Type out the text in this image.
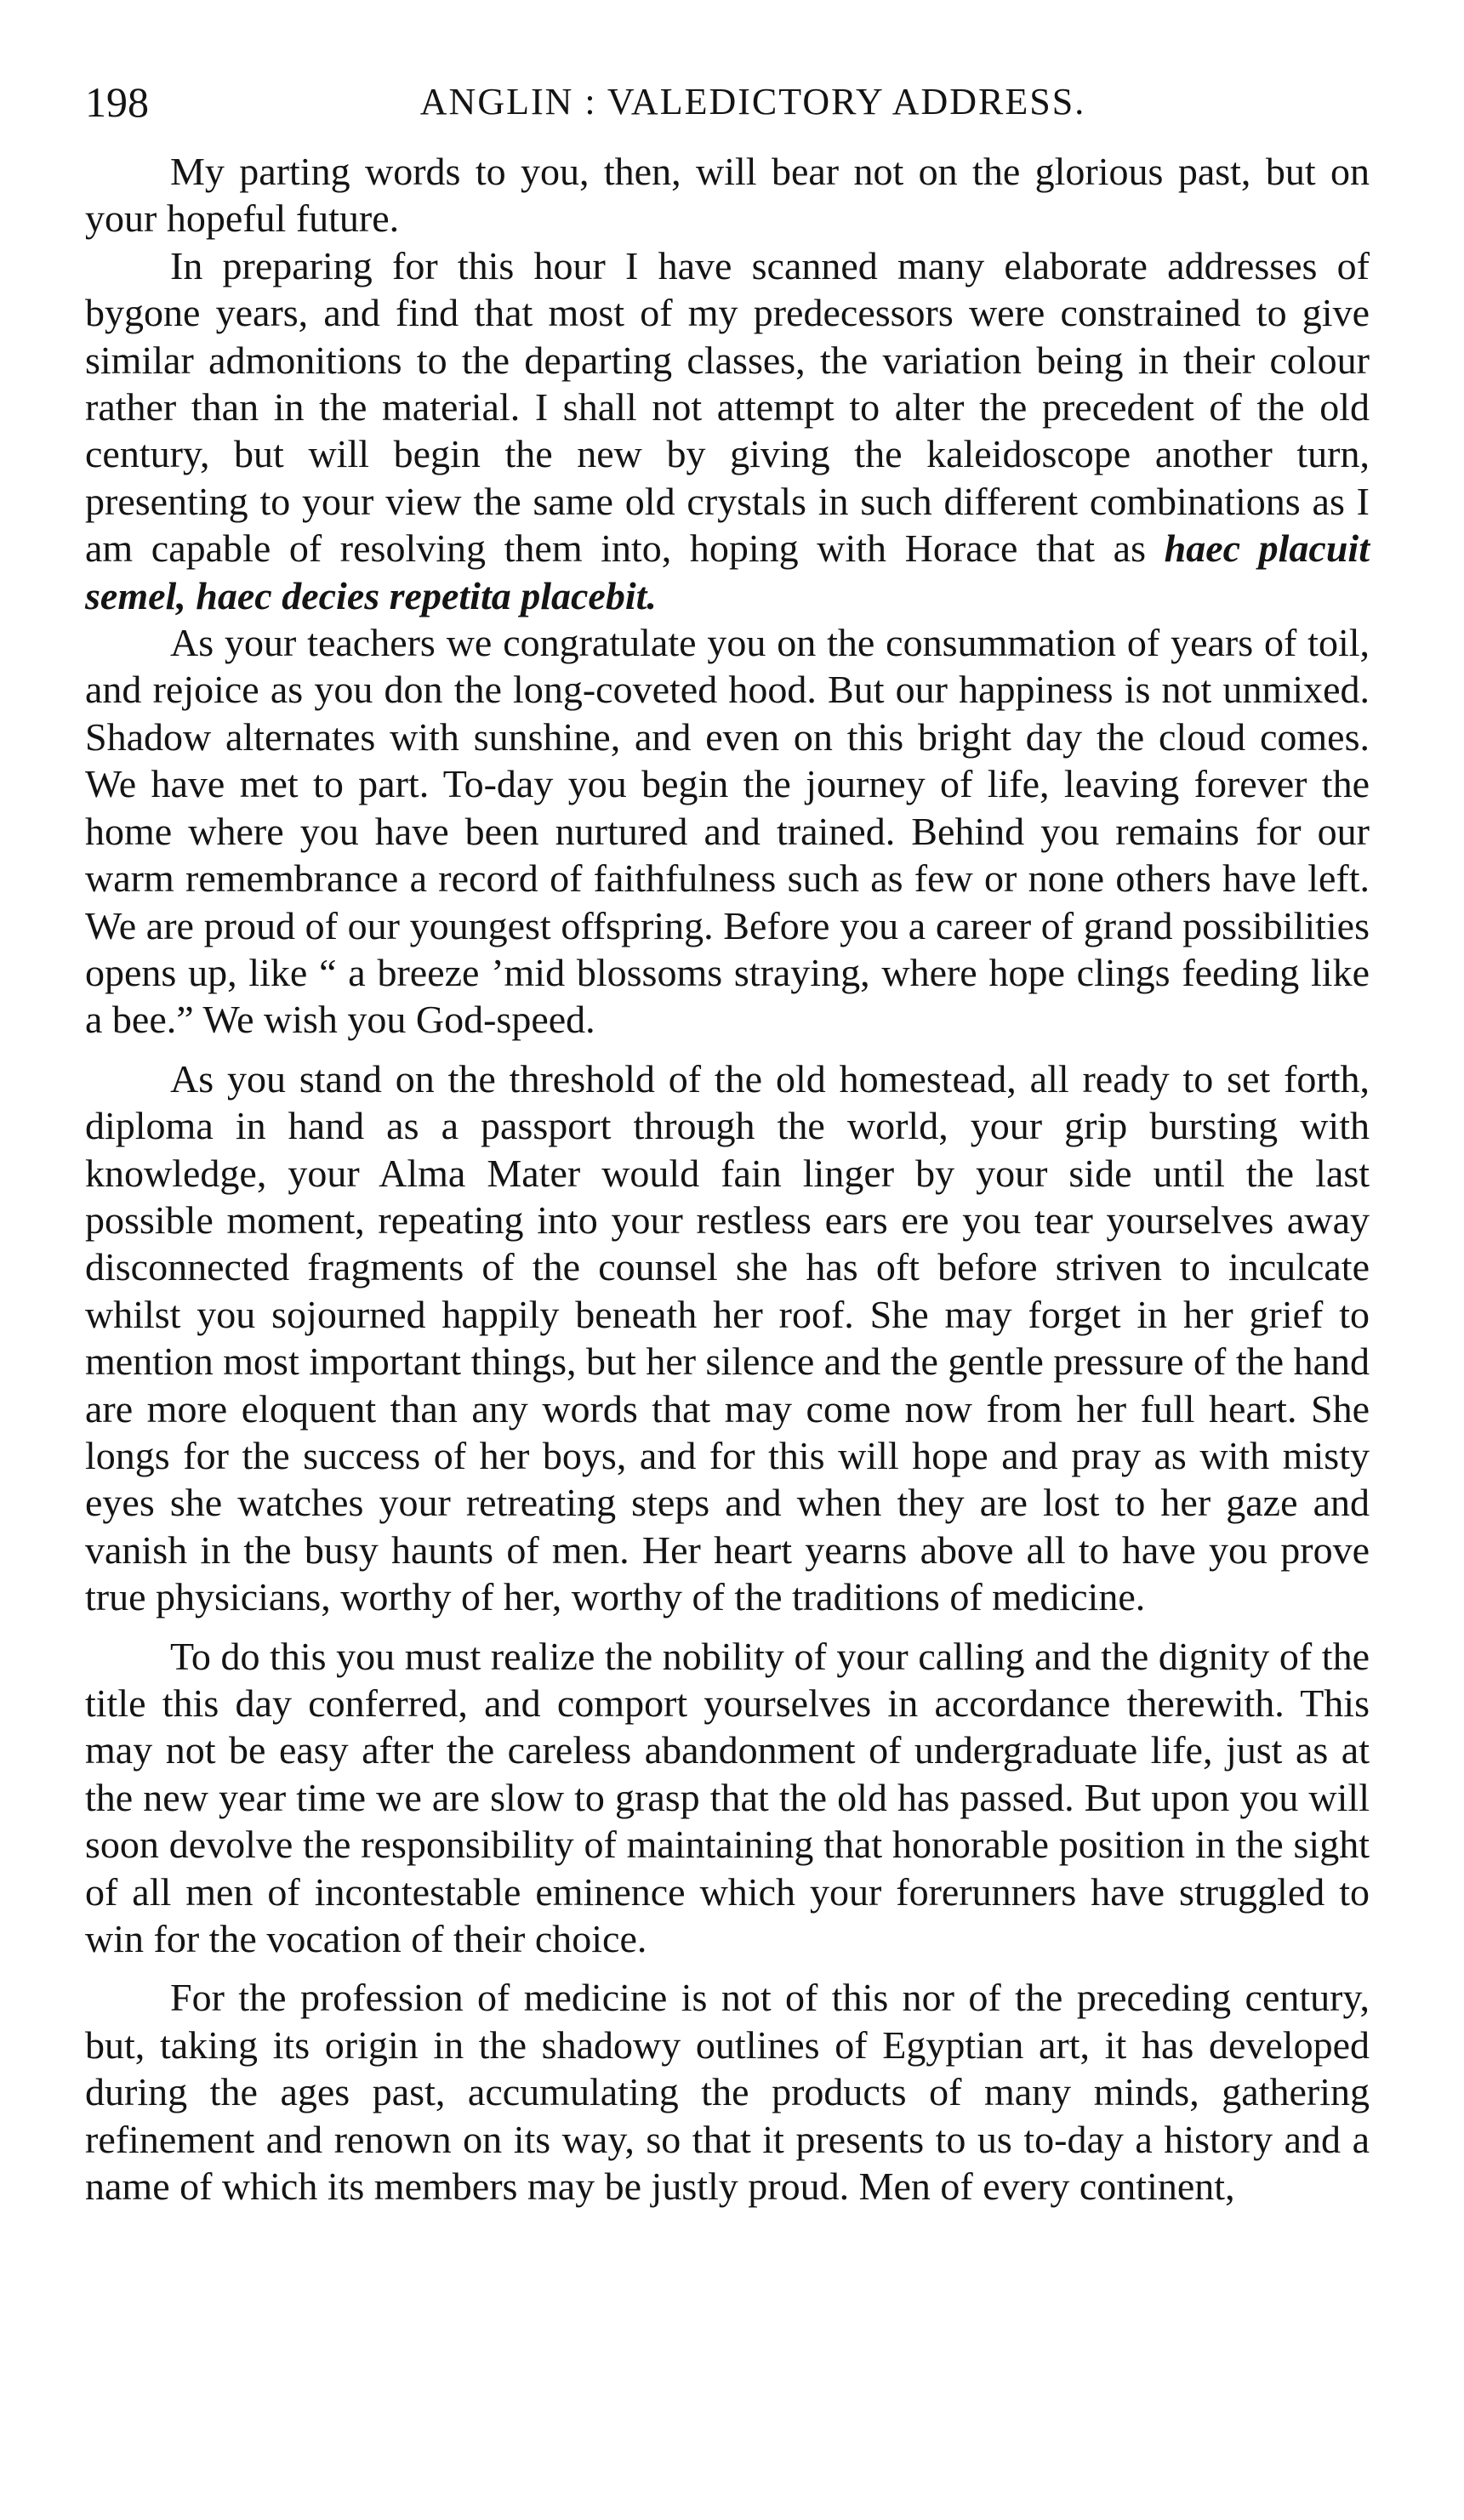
198	ANGLIN : VALEDICTORY ADDRESS.

My parting words to you, then, will bear not on the glorious past, but on your hopeful future.

In preparing for this hour I have scanned many elaborate addresses of bygone years, and find that most of my predecessors were constrained to give similar admonitions to the departing classes, the variation being in their colour rather than in the material. I shall not attempt to alter the precedent of the old century, but will begin the new by giving the kaleidoscope another turn, presenting to your view the same old crystals in such different combinations as I am capable of resolving them into, hoping with Horace that as haec placuit semel, haec decies repetita placebit.

As your teachers we congratulate you on the consummation of years of toil, and rejoice as you don the long-coveted hood. But our happiness is not unmixed. Shadow alternates with sunshine, and even on this bright day the cloud comes. We have met to part. To-day you begin the journey of life, leaving forever the home where you have been nurtured and trained. Behind you remains for our warm remembrance a record of faithfulness such as few or none others have left. We are proud of our youngest offspring. Before you a career of grand possibilities opens up, like “ a breeze ’mid blossoms straying, where hope clings feeding like a bee.” We wish you God-speed.

As you stand on the threshold of the old homestead, all ready to set forth, diploma in hand as a passport through the world, your grip bursting with knowledge, your Alma Mater would fain linger by your side until the last possible moment, repeating into your restless ears ere you tear yourselves away disconnected fragments of the counsel she has oft before striven to inculcate whilst you sojourned happily beneath her roof. She may forget in her grief to mention most important things, but her silence and the gentle pressure of the hand are more eloquent than any words that may come now from her full heart. She longs for the success of her boys, and for this will hope and pray as with misty eyes she watches your retreating steps and when they are lost to her gaze and vanish in the busy haunts of men. Her heart yearns above all to have you prove true physicians, worthy of her, worthy of the traditions of medicine.

To do this you must realize the nobility of your calling and the dignity of the title this day conferred, and comport yourselves in accordance therewith. This may not be easy after the careless abandonment of undergraduate life, just as at the new year time we are slow to grasp that the old has passed. But upon you will soon devolve the responsibility of maintaining that honorable position in the sight of all men of incontestable eminence which your forerunners have struggled to win for the vocation of their choice.

For the profession of medicine is not of this nor of the preceding century, but, taking its origin in the shadowy outlines of Egyptian art, it has developed during the ages past, accumulating the products of many minds, gathering refinement and renown on its way, so that it presents to us to-day a history and a name of which its members may be justly proud. Men of every continent,
